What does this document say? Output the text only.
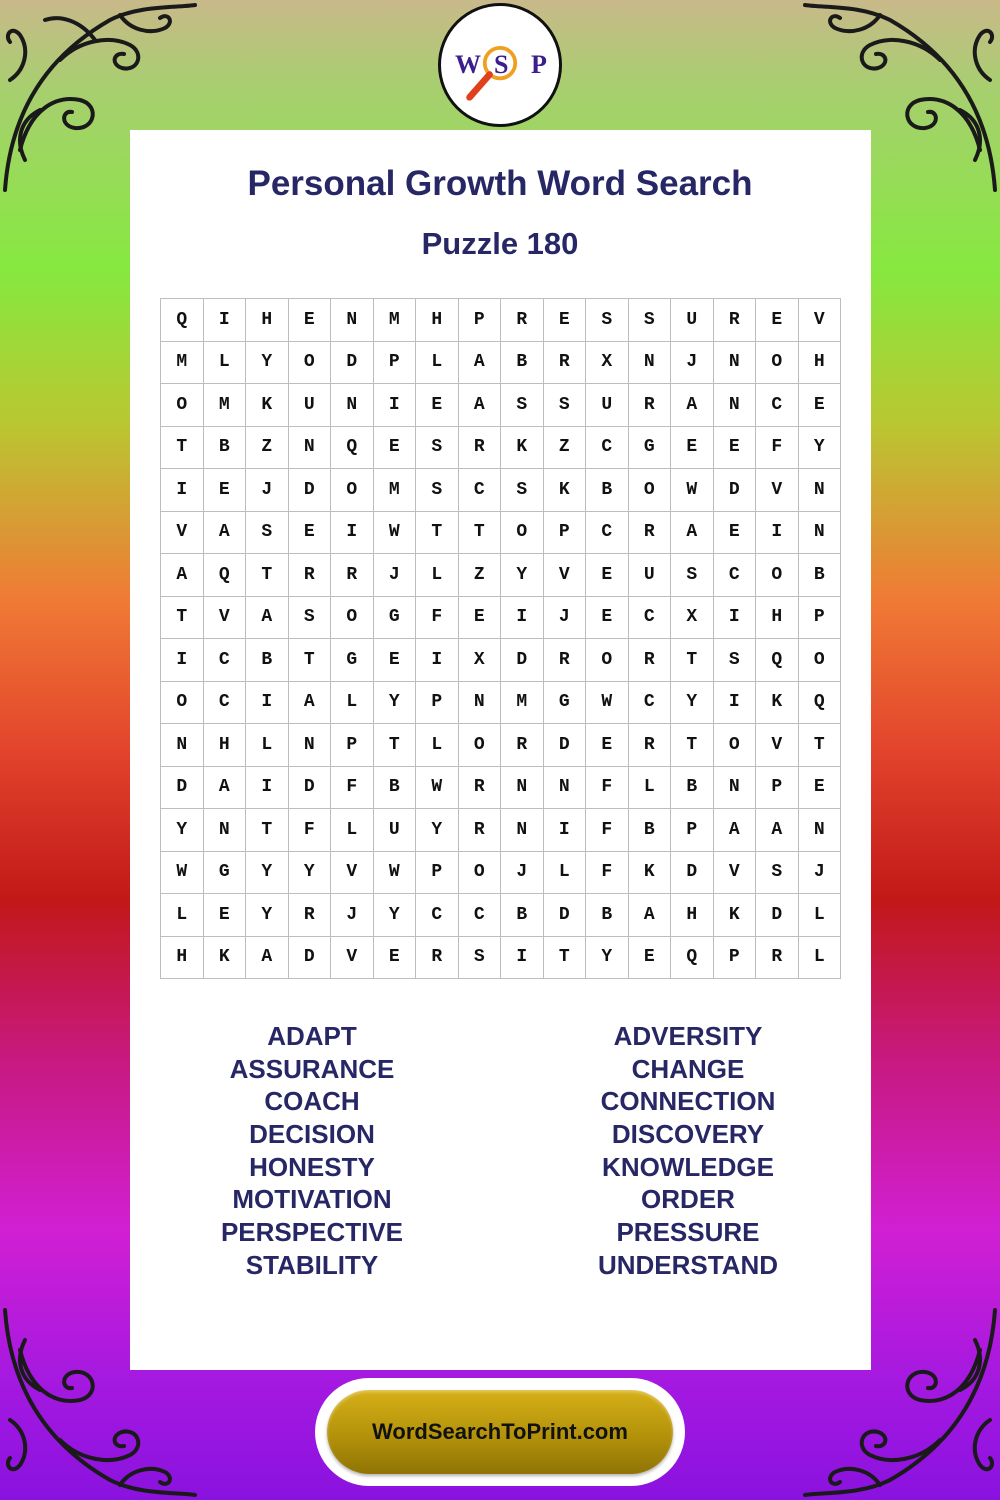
W S P
Personal Growth Word Search
Puzzle 180
Q	I	H	E	N	M	H	P	R	E	S	S	U	R	E	V
M	L	Y	O	D	P	L	A	B	R	X	N	J	N	O	H
O	M	K	U	N	I	E	A	S	S	U	R	A	N	C	E
T	B	Z	N	Q	E	S	R	K	Z	C	G	E	E	F	Y
I	E	J	D	O	M	S	C	S	K	B	O	W	D	V	N
V	A	S	E	I	W	T	T	O	P	C	R	A	E	I	N
A	Q	T	R	R	J	L	Z	Y	V	E	U	S	C	O	B
T	V	A	S	O	G	F	E	I	J	E	C	X	I	H	P
I	C	B	T	G	E	I	X	D	R	O	R	T	S	Q	O
O	C	I	A	L	Y	P	N	M	G	W	C	Y	I	K	Q
N	H	L	N	P	T	L	O	R	D	E	R	T	O	V	T
D	A	I	D	F	B	W	R	N	N	F	L	B	N	P	E
Y	N	T	F	L	U	Y	R	N	I	F	B	P	A	A	N
W	G	Y	Y	V	W	P	O	J	L	F	K	D	V	S	J
L	E	Y	R	J	Y	C	C	B	D	B	A	H	K	D	L
H	K	A	D	V	E	R	S	I	T	Y	E	Q	P	R	L
ADAPT
ASSURANCE
COACH
DECISION
HONESTY
MOTIVATION
PERSPECTIVE
STABILITY
ADVERSITY
CHANGE
CONNECTION
DISCOVERY
KNOWLEDGE
ORDER
PRESSURE
UNDERSTAND
WordSearchToPrint.com
